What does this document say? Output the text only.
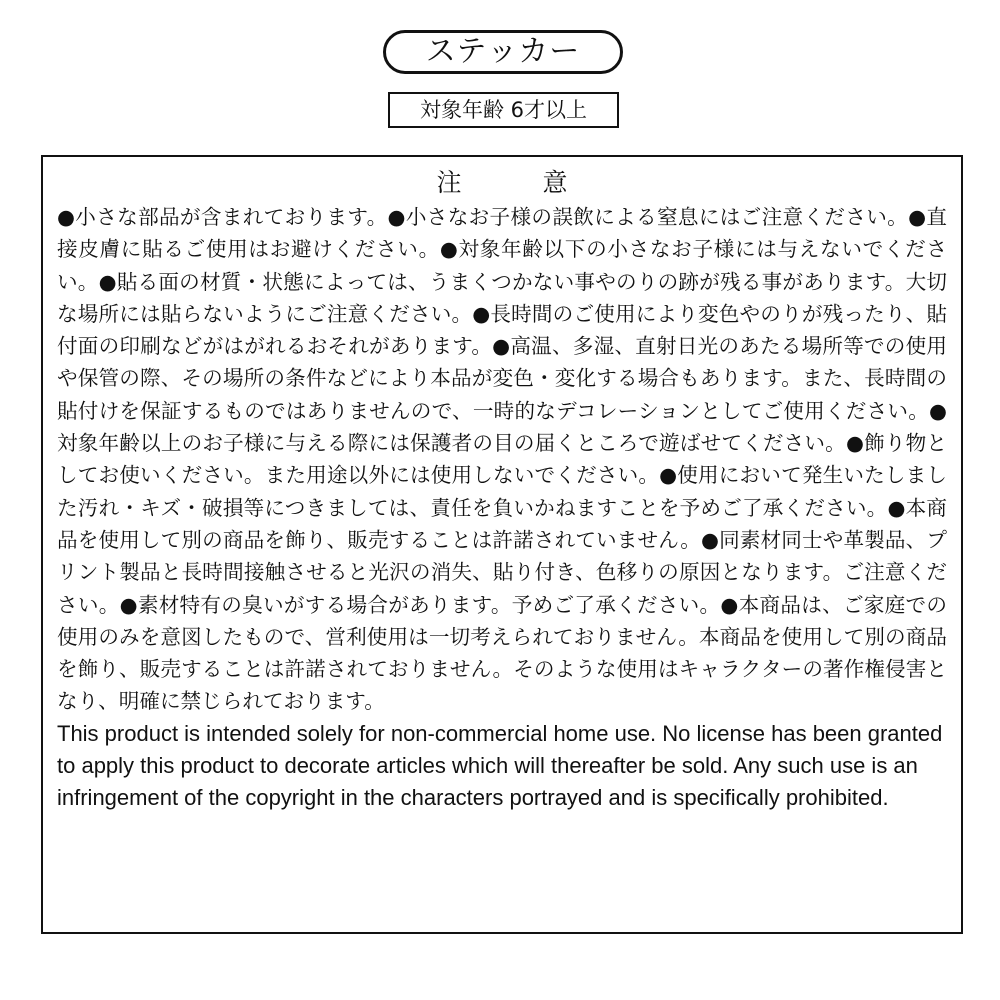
ステッカー
対象年齢 6才以上
注　意

●小さな部品が含まれております。●小さなお子様の誤飲による窒息にはご注意ください。●直接皮膚に貼るご使用はお避けください。●対象年齢以下の小さなお子様には与えないでください。●貼る面の材質・状態によっては、うまくつかない事やのりの跡が残る事があります。大切な場所には貼らないようにご注意ください。●長時間のご使用により変色やのりが残ったり、貼付面の印刷などがはがれるおそれがあります。●高温、多湿、直射日光のあたる場所等での使用や保管の際、その場所の条件などにより本品が変色・変化する場合もあります。また、長時間の貼付けを保証するものではありませんので、一時的なデコレーションとしてご使用ください。●対象年齢以上のお子様に与える際には保護者の目の届くところで遊ばせてください。●飾り物としてお使いください。また用途以外には使用しないでください。●使用において発生いたしました汚れ・キズ・破損等につきましては、責任を負いかねますことを予めご了承ください。●本商品を使用して別の商品を飾り、販売することは許諾されていません。●同素材同士や革製品、プリント製品と長時間接触させると光沢の消失、貼り付き、色移りの原因となります。ご注意ください。●素材特有の臭いがする場合があります。予めご了承ください。●本商品は、ご家庭での使用のみを意図したもので、営利使用は一切考えられておりません。本商品を使用して別の商品を飾り、販売することは許諾されておりません。そのような使用はキャラクターの著作権侵害となり、明確に禁じられております。

This product is intended solely for non-commercial home use. No license has been granted to apply this product to decorate articles which will thereafter be sold. Any such use is an infringement of the copyright in the characters portrayed and is specifically prohibited.
